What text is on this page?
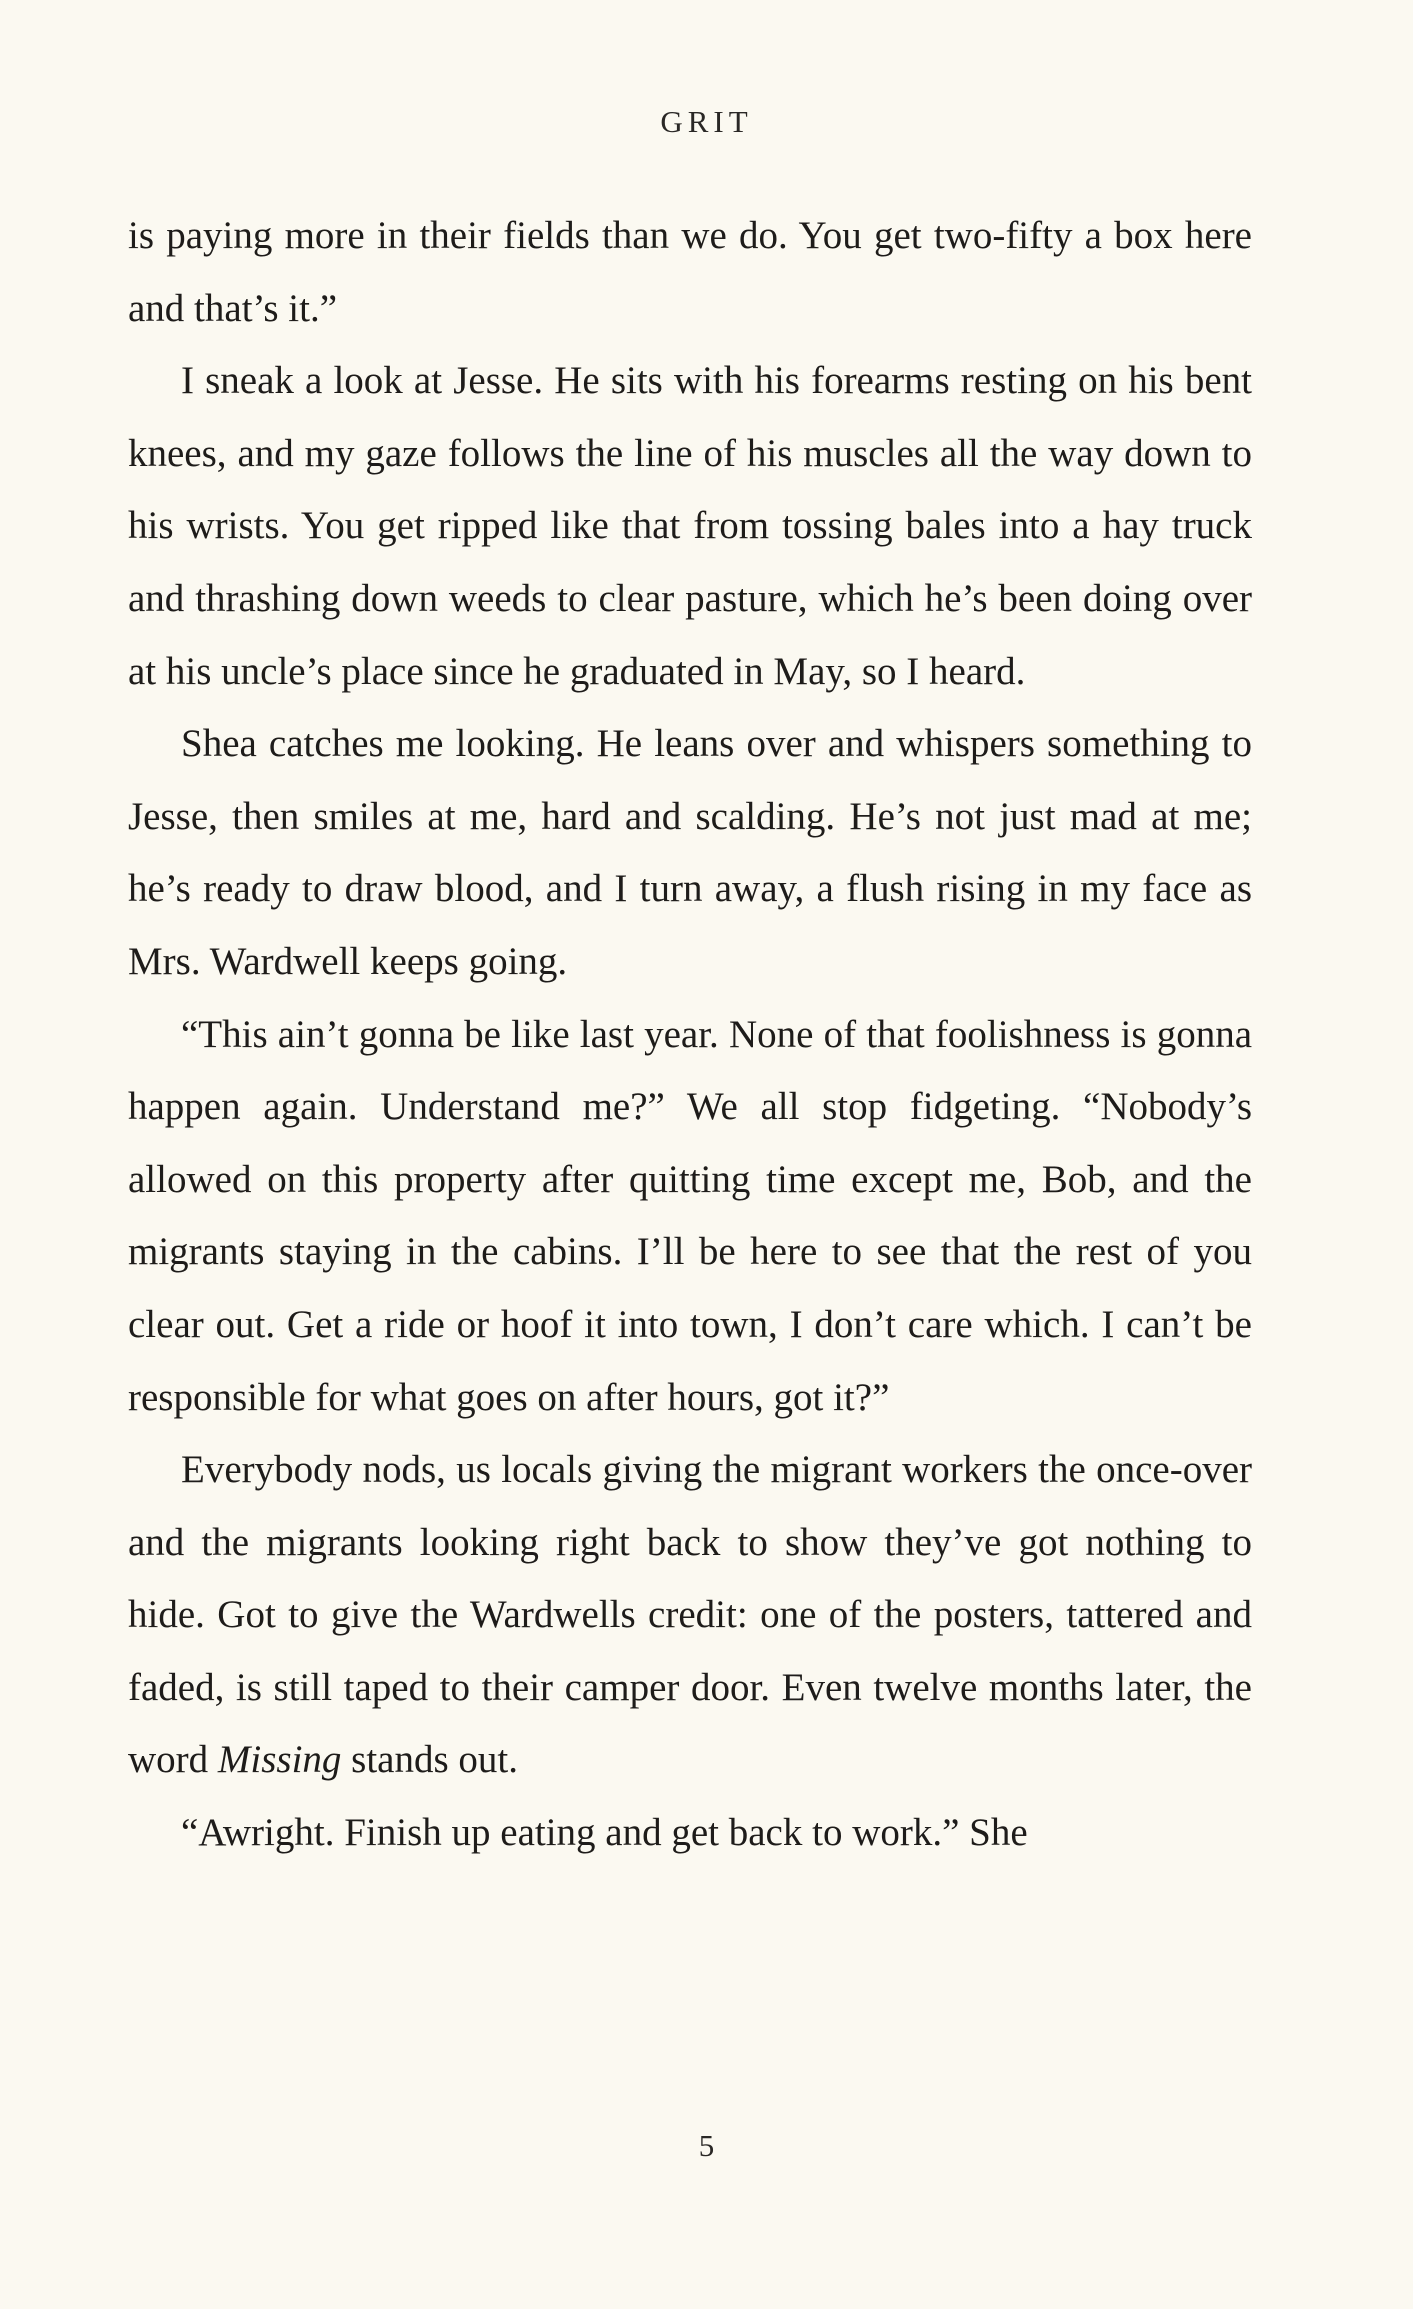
GRIT

is paying more in their fields than we do. You get two-fifty a box here and that’s it.”

I sneak a look at Jesse. He sits with his forearms resting on his bent knees, and my gaze follows the line of his muscles all the way down to his wrists. You get ripped like that from tossing bales into a hay truck and thrashing down weeds to clear pasture, which he’s been doing over at his uncle’s place since he graduated in May, so I heard.

Shea catches me looking. He leans over and whispers something to Jesse, then smiles at me, hard and scalding. He’s not just mad at me; he’s ready to draw blood, and I turn away, a flush rising in my face as Mrs. Wardwell keeps going.

“This ain’t gonna be like last year. None of that foolishness is gonna happen again. Understand me?” We all stop fidgeting. “Nobody’s allowed on this property after quitting time except me, Bob, and the migrants staying in the cabins. I’ll be here to see that the rest of you clear out. Get a ride or hoof it into town, I don’t care which. I can’t be responsible for what goes on after hours, got it?”

Everybody nods, us locals giving the migrant workers the once-over and the migrants looking right back to show they’ve got nothing to hide. Got to give the Wardwells credit: one of the posters, tattered and faded, is still taped to their camper door. Even twelve months later, the word Missing stands out.

“Awright. Finish up eating and get back to work.” She

5
